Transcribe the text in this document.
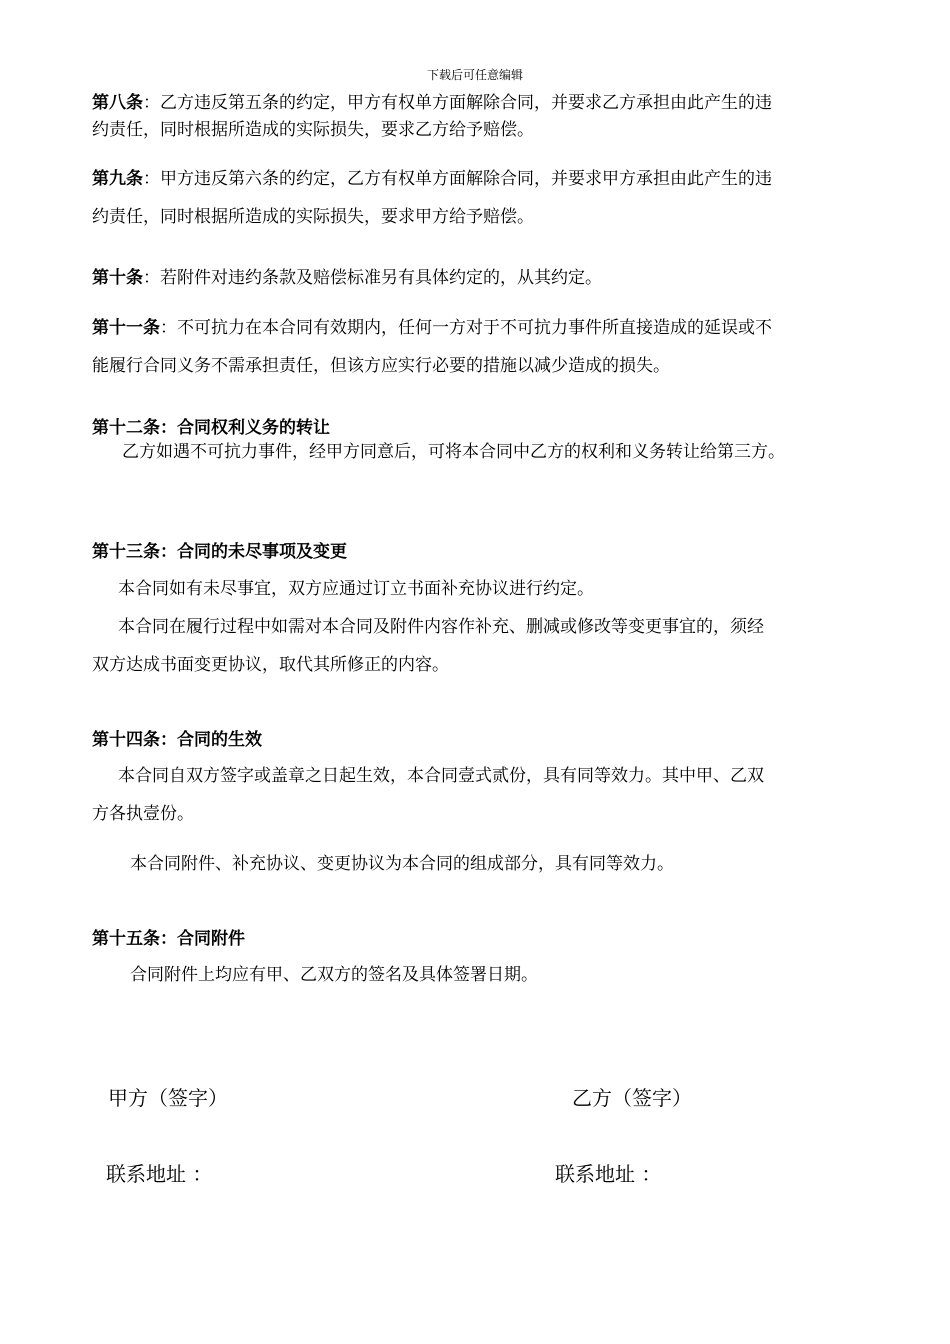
下载后可任意编辑
第八条：乙方违反第五条的约定，甲方有权单方面解除合同，并要求乙方承担由此产生的违
约责任，同时根据所造成的实际损失，要求乙方给予赔偿。
第九条：甲方违反第六条的约定，乙方有权单方面解除合同，并要求甲方承担由此产生的违
约责任，同时根据所造成的实际损失，要求甲方给予赔偿。
第十条：若附件对违约条款及赔偿标准另有具体约定的，从其约定。
第十一条：不可抗力在本合同有效期内，任何一方对于不可抗力事件所直接造成的延误或不
能履行合同义务不需承担责任，但该方应实行必要的措施以减少造成的损失。
第十二条：合同权利义务的转让
乙方如遇不可抗力事件，经甲方同意后，可将本合同中乙方的权利和义务转让给第三方。
第十三条：合同的未尽事项及变更
本合同如有未尽事宜，双方应通过订立书面补充协议进行约定。
本合同在履行过程中如需对本合同及附件内容作补充、删减或修改等变更事宜的，须经
双方达成书面变更协议，取代其所修正的内容。
第十四条：合同的生效
本合同自双方签字或盖章之日起生效，本合同壹式贰份，具有同等效力。其中甲、乙双
方各执壹份。
本合同附件、补充协议、变更协议为本合同的组成部分，具有同等效力。
第十五条：合同附件
合同附件上均应有甲、乙双方的签名及具体签署日期。
甲方（签字）	乙方（签字）
联系地址 ：	联系地址 ：
